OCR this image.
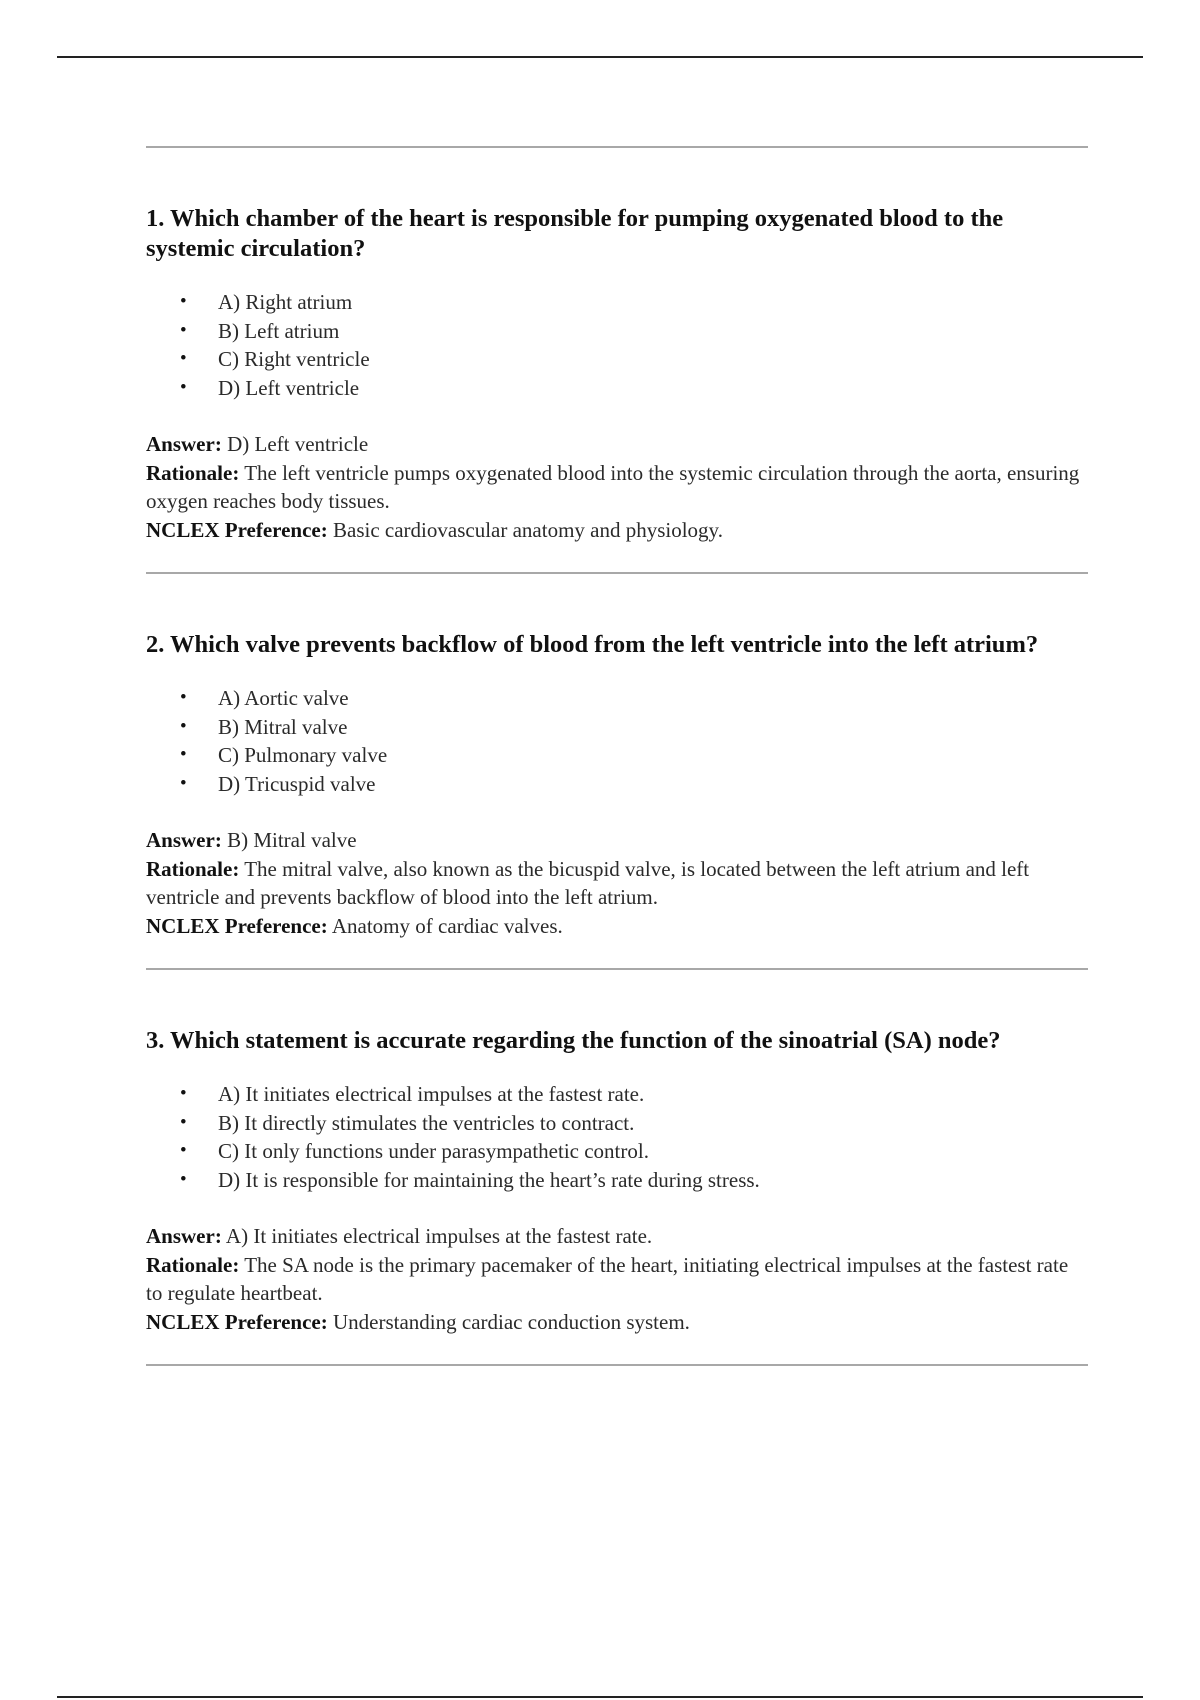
1. Which chamber of the heart is responsible for pumping oxygenated blood to the systemic circulation?

• A) Right atrium
• B) Left atrium
• C) Right ventricle
• D) Left ventricle

Answer: D) Left ventricle

Rationale: The left ventricle pumps oxygenated blood into the systemic circulation through the aorta, ensuring oxygen reaches body tissues.

NCLEX Preference: Basic cardiovascular anatomy and physiology.

2. Which valve prevents backflow of blood from the left ventricle into the left atrium?

• A) Aortic valve
• B) Mitral valve
• C) Pulmonary valve
• D) Tricuspid valve

Answer: B) Mitral valve

Rationale: The mitral valve, also known as the bicuspid valve, is located between the left atrium and left ventricle and prevents backflow of blood into the left atrium.

NCLEX Preference: Anatomy of cardiac valves.

3. Which statement is accurate regarding the function of the sinoatrial (SA) node?

• A) It initiates electrical impulses at the fastest rate.
• B) It directly stimulates the ventricles to contract.
• C) It only functions under parasympathetic control.
• D) It is responsible for maintaining the heart’s rate during stress.

Answer: A) It initiates electrical impulses at the fastest rate.

Rationale: The SA node is the primary pacemaker of the heart, initiating electrical impulses at the fastest rate to regulate heartbeat.

NCLEX Preference: Understanding cardiac conduction system.
